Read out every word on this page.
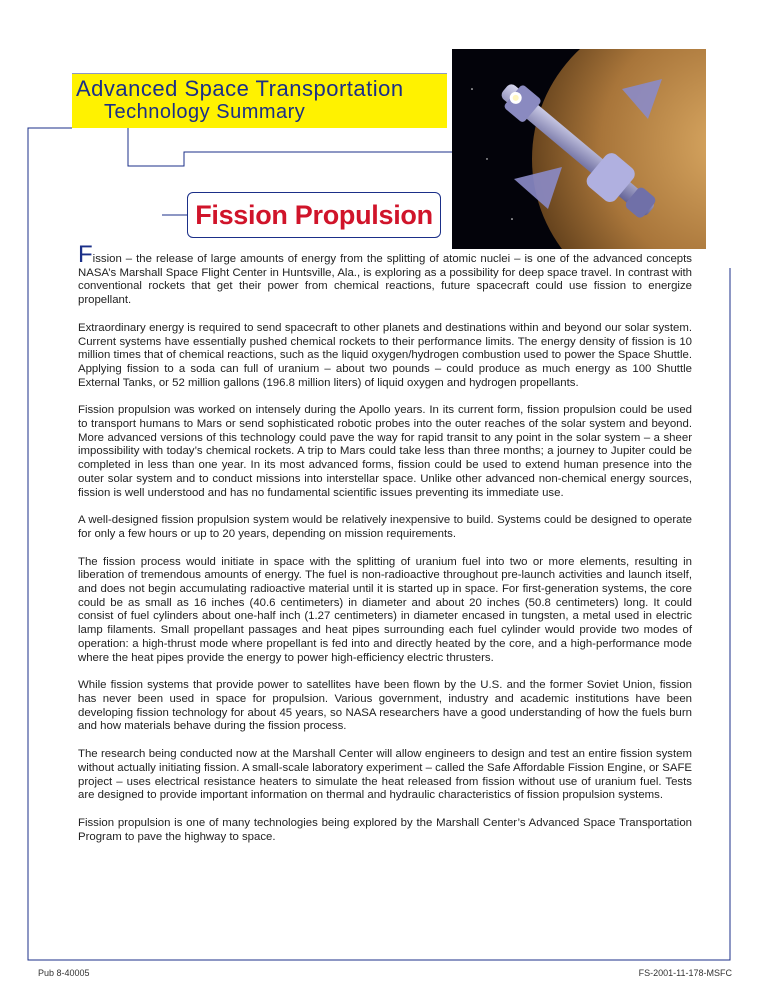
Advanced Space Transportation
Technology Summary
Fission Propulsion

Fission – the release of large amounts of energy from the splitting of atomic nuclei – is one of the advanced concepts NASA’s Marshall Space Flight Center in Huntsville, Ala., is exploring as a possibility for deep space travel. In contrast with conventional rockets that get their power from chemical reactions, future spacecraft could use fission to energize propellant.

Extraordinary energy is required to send spacecraft to other planets and destinations within and beyond our solar system. Current systems have essentially pushed chemical rockets to their performance limits. The energy density of fission is 10 million times that of chemical reactions, such as the liquid oxygen/hydrogen combustion used to power the Space Shuttle. Applying fission to a soda can full of uranium – about two pounds – could produce as much energy as 100 Shuttle External Tanks, or 52 million gallons (196.8 million liters) of liquid oxygen and hydrogen propellants.

Fission propulsion was worked on intensely during the Apollo years. In its current form, fission propulsion could be used to transport humans to Mars or send sophisticated robotic probes into the outer reaches of the solar system and beyond. More advanced versions of this technology could pave the way for rapid transit to any point in the solar system – a sheer impossibility with today’s chemical rockets. A trip to Mars could take less than three months; a journey to Jupiter could be completed in less than one year. In its most advanced forms, fission could be used to extend human presence into the outer solar system and to conduct missions into interstellar space. Unlike other advanced non-chemical energy sources, fission is well understood and has no fundamental scientific issues preventing its immediate use.

A well-designed fission propulsion system would be relatively inexpensive to build. Systems could be designed to operate for only a few hours or up to 20 years, depending on mission requirements.

The fission process would initiate in space with the splitting of uranium fuel into two or more elements, resulting in liberation of tremendous amounts of energy. The fuel is non-radioactive throughout pre-launch activities and launch itself, and does not begin accumulating radioactive material until it is started up in space. For first-generation systems, the core could be as small as 16 inches (40.6 centimeters) in diameter and about 20 inches (50.8 centimeters) long. It could consist of fuel cylinders about one-half inch (1.27 centimeters) in diameter encased in tungsten, a metal used in electric lamp filaments. Small propellant passages and heat pipes surrounding each fuel cylinder would provide two modes of operation: a high-thrust mode where propellant is fed into and directly heated by the core, and a high-performance mode where the heat pipes provide the energy to power high-efficiency electric thrusters.

While fission systems that provide power to satellites have been flown by the U.S. and the former Soviet Union, fission has never been used in space for propulsion. Various government, industry and academic institutions have been developing fission technology for about 45 years, so NASA researchers have a good understanding of how the fuels burn and how materials behave during the fission process.

The research being conducted now at the Marshall Center will allow engineers to design and test an entire fission system without actually initiating fission. A small-scale laboratory experiment – called the Safe Affordable Fission Engine, or SAFE project – uses electrical resistance heaters to simulate the heat released from fission without use of uranium fuel. Tests are designed to provide important information on thermal and hydraulic characteristics of fission propulsion systems.

Fission propulsion is one of many technologies being explored by the Marshall Center’s Advanced Space Transportation Program to pave the highway to space.

Pub 8-40005	FS-2001-11-178-MSFC
